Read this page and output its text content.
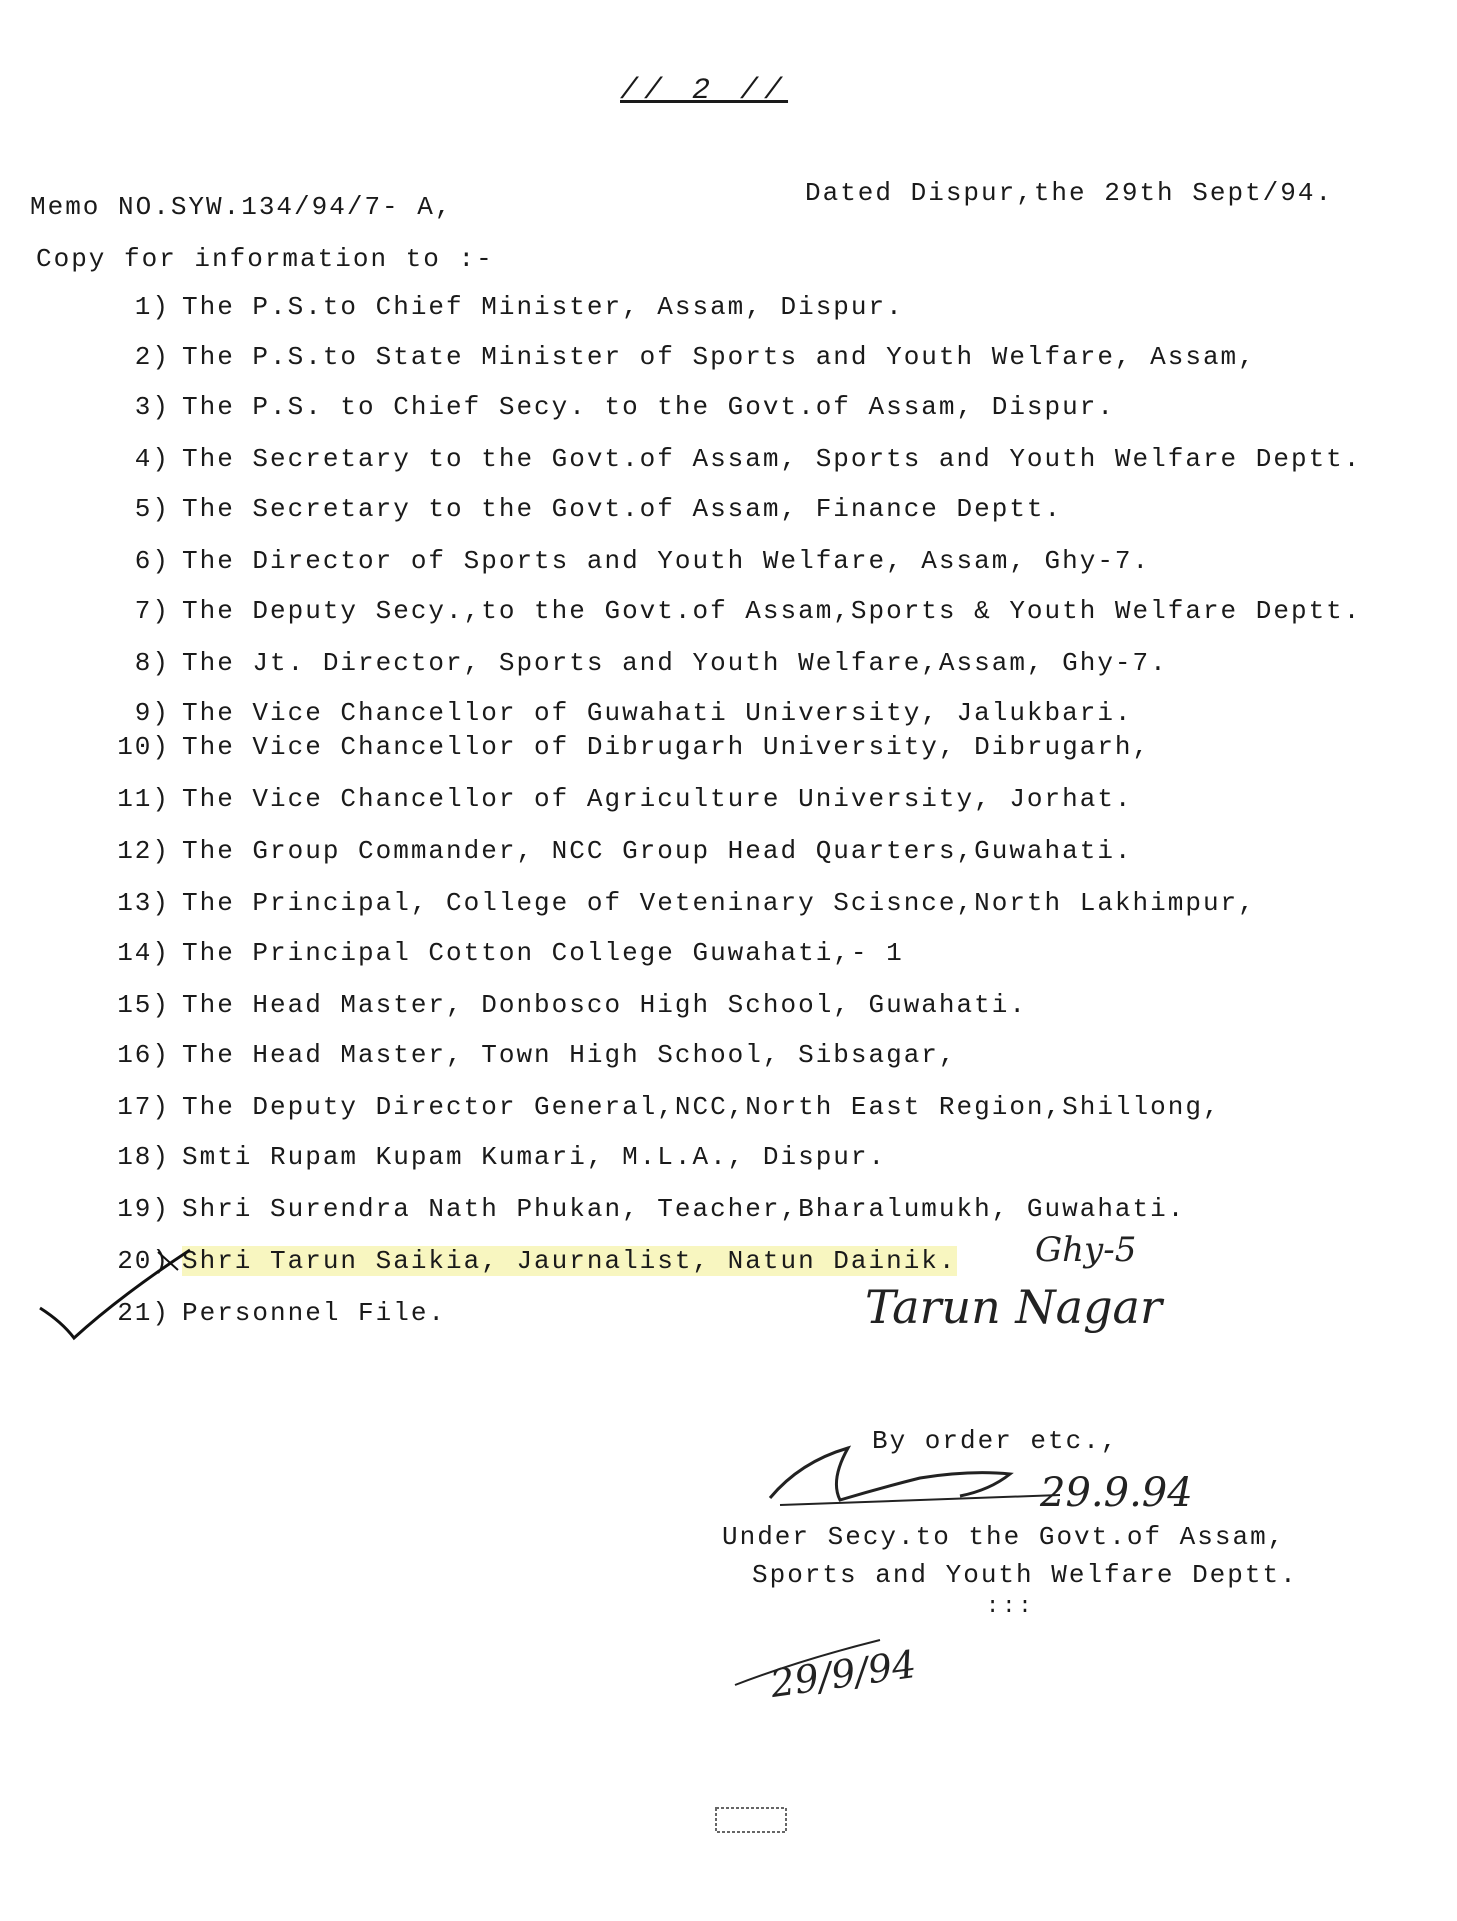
// 2 //
Memo NO.SYW.134/94/7- A,	Dated Dispur,the 29th Sept/94.
Copy for information to :-
1) The P.S.to Chief Minister, Assam, Dispur.
2) The P.S.to State Minister of Sports and Youth Welfare, Assam,
3) The P.S. to Chief Secy. to the Govt.of Assam, Dispur.
4) The Secretary to the Govt.of Assam, Sports and Youth Welfare Deptt.
5) The Secretary to the Govt.of Assam, Finance Deptt.
6) The Director of Sports and Youth Welfare, Assam, Ghy-7.
7) The Deputy Secy.,to the Govt.of Assam,Sports & Youth Welfare Deptt.
8) The Jt. Director, Sports and Youth Welfare,Assam, Ghy-7.
9) The Vice Chancellor of Guwahati University, Jalukbari.
10) The Vice Chancellor of Dibrugarh University, Dibrugarh,
11) The Vice Chancellor of Agriculture University, Jorhat.
12) The Group Commander, NCC Group Head Quarters,Guwahati.
13) The Principal, College of Veteninary Scisnce,North Lakhimpur,
14) The Principal Cotton College Guwahati,- 1
15) The Head Master, Donbosco High School, Guwahati.
16) The Head Master, Town High School, Sibsagar,
17) The Deputy Director General,NCC,North East Region,Shillong,
18) Smti Rupam Kupam Kumari, M.L.A., Dispur.
19) Shri Surendra Nath Phukan, Teacher,Bharalumukh, Guwahati.
20) Shri Tarun Saikia, Jaurnalist, Natun Dainik.
21) Personnel File.
Ghy-5
Tarun Nagar
By order etc.,
29.9.94
Under Secy.to the Govt.of Assam,
Sports and Youth Welfare Deptt.
:::
29/9/94
